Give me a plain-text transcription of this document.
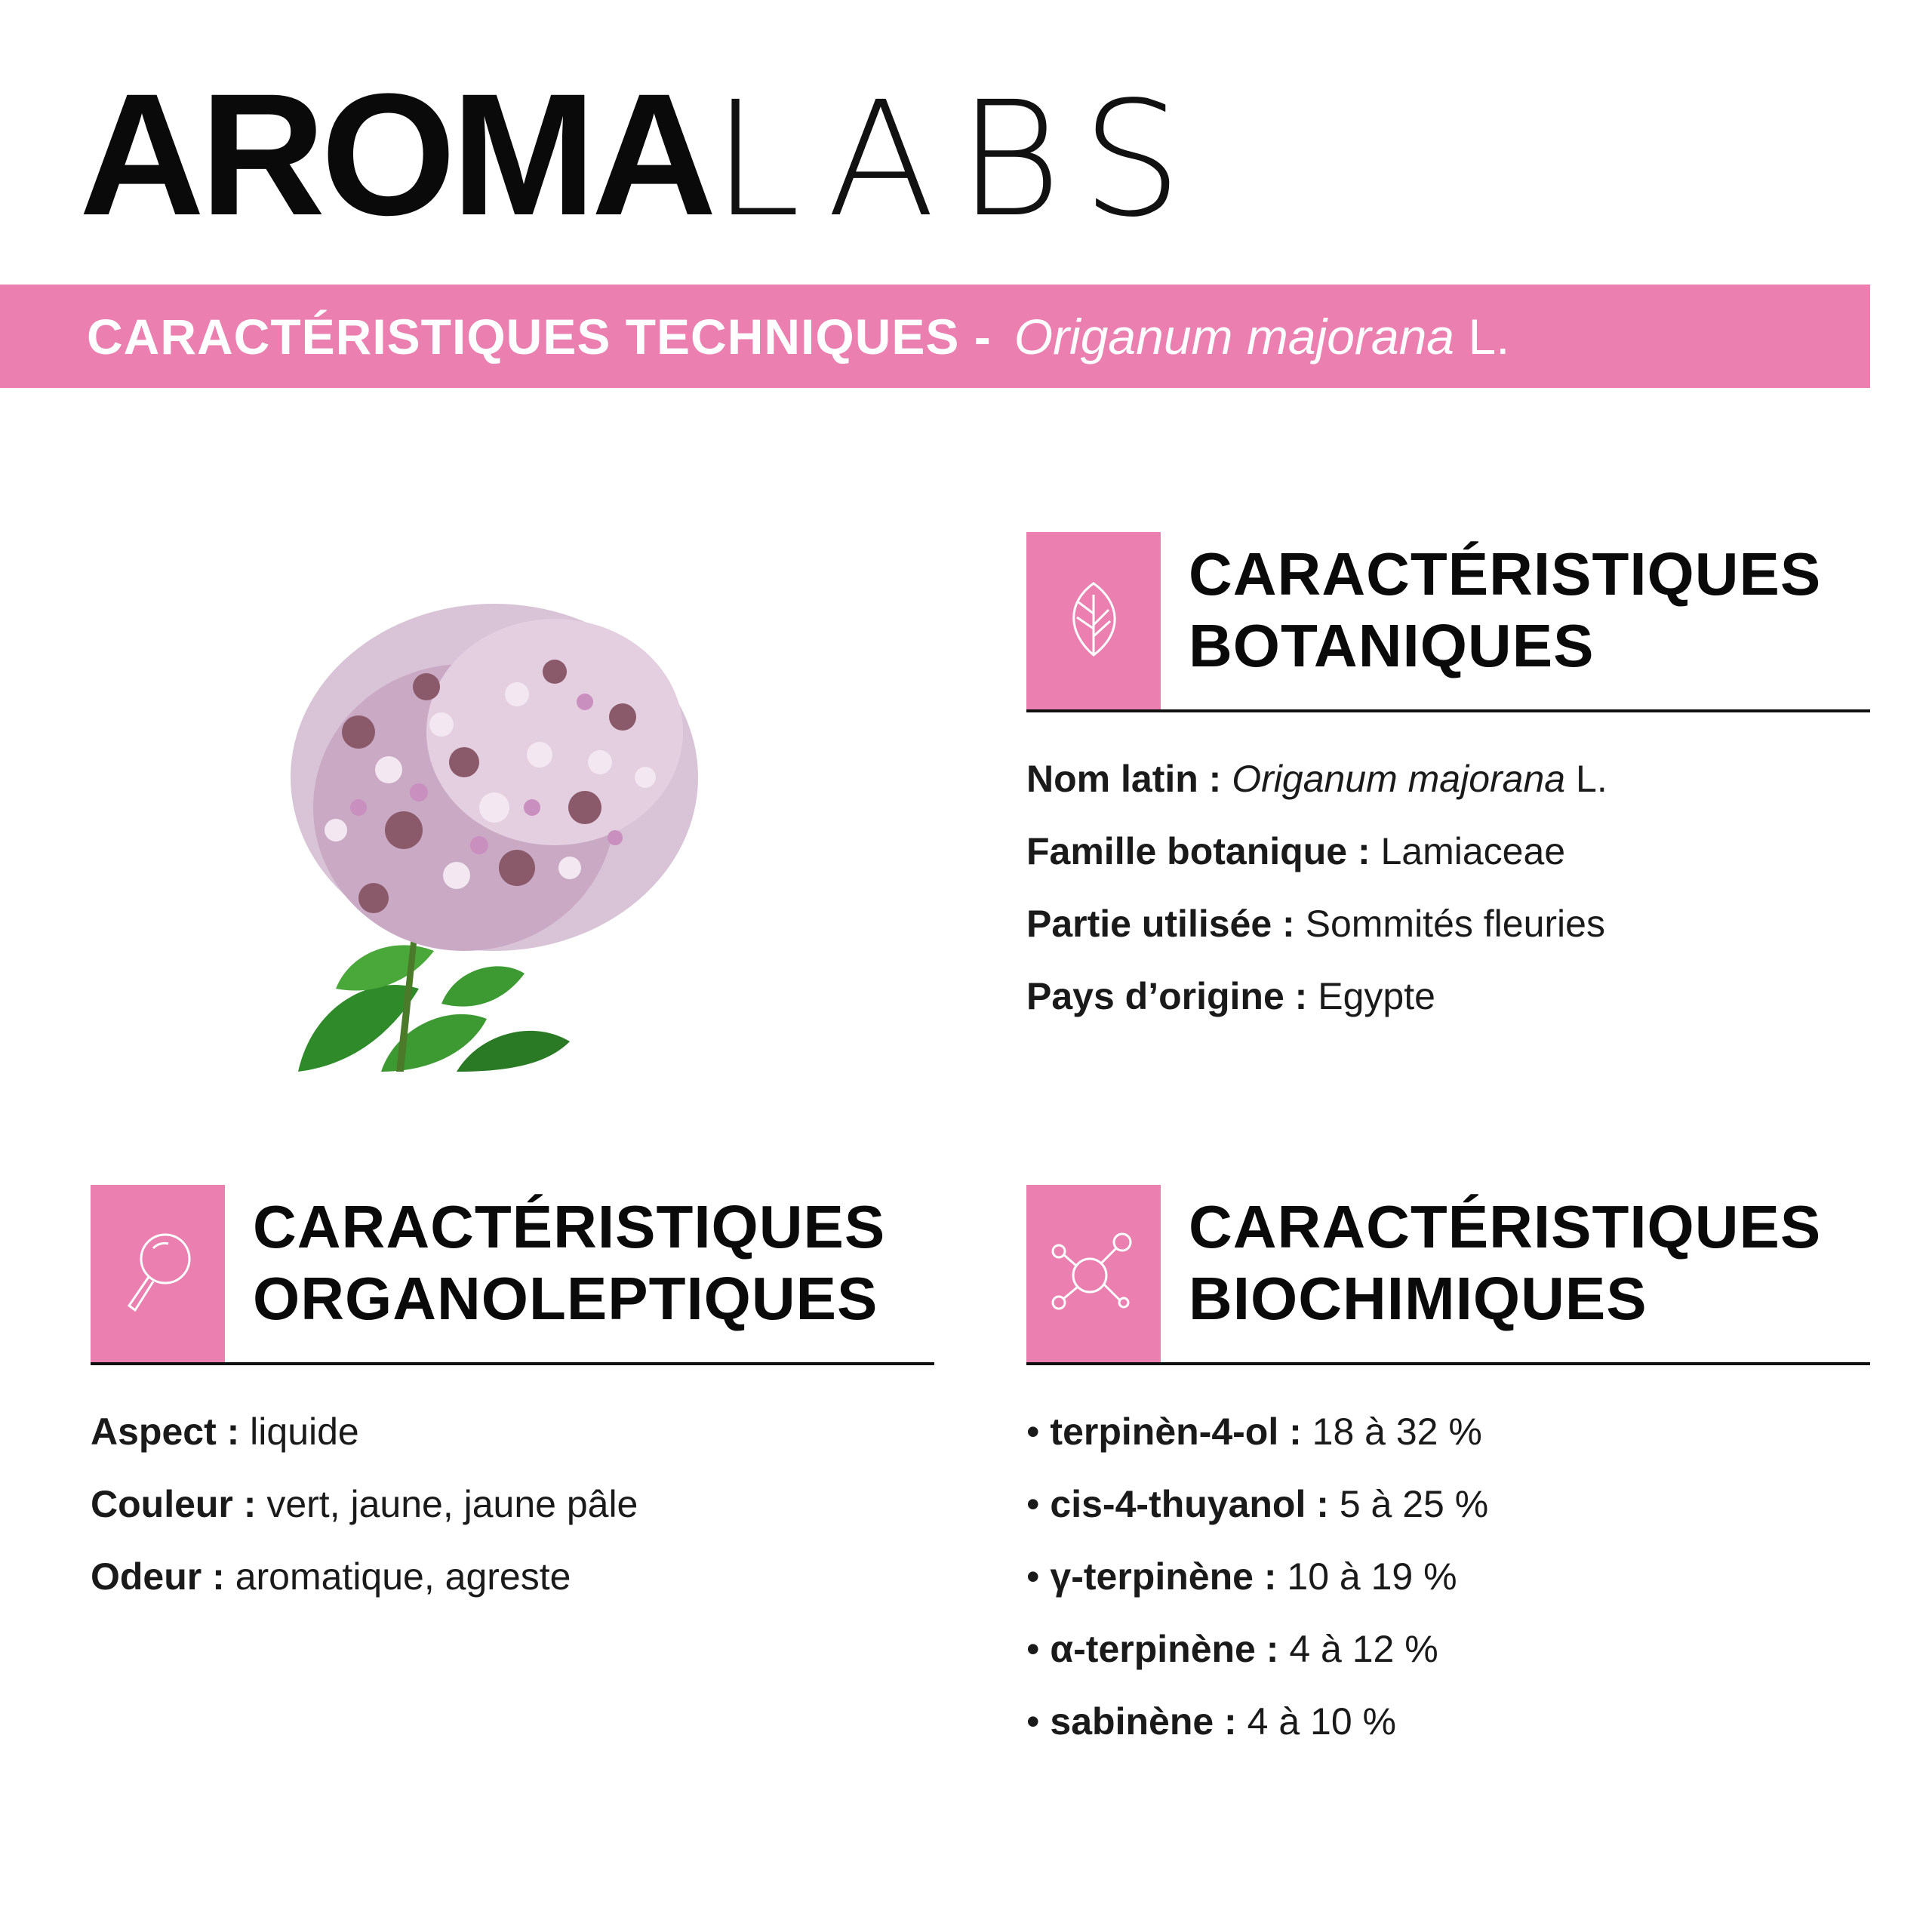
AROMALABS
CARACTÉRISTIQUES TECHNIQUES - Origanum majorana L.
CARACTÉRISTIQUES
BOTANIQUES
Nom latin : Origanum majorana L.
Famille botanique : Lamiaceae
Partie utilisée : Sommités fleuries
Pays d’origine : Egypte
CARACTÉRISTIQUES
ORGANOLEPTIQUES
Aspect : liquide
Couleur : vert, jaune, jaune pâle
Odeur : aromatique, agreste
CARACTÉRISTIQUES
BIOCHIMIQUES
• terpinèn-4-ol : 18 à 32 %
• cis-4-thuyanol : 5 à 25 %
• γ-terpinène : 10 à 19 %
• α-terpinène : 4 à 12 %
• sabinène : 4 à 10 %
